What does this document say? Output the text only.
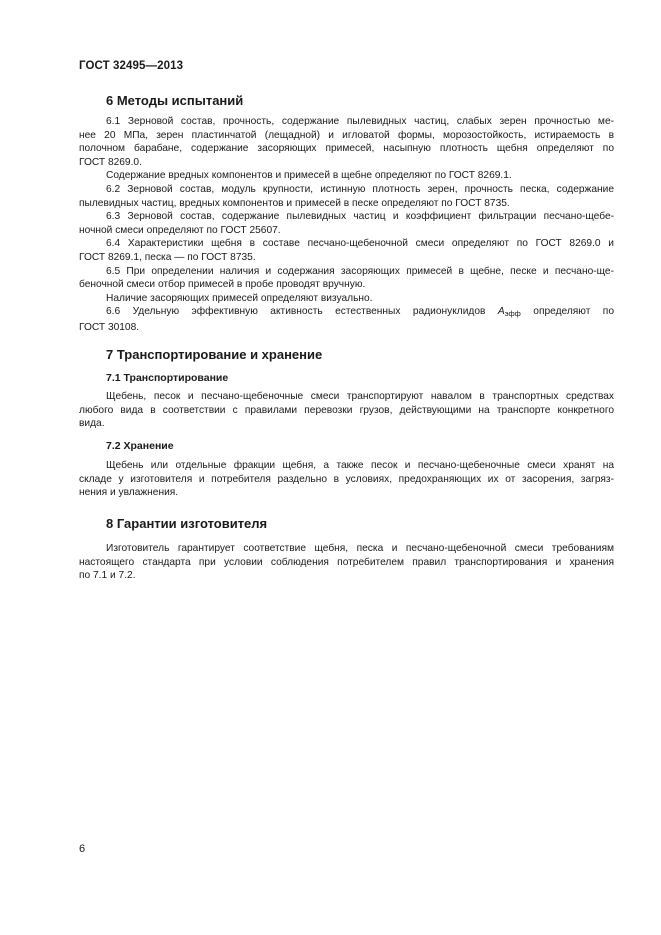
ГОСТ 32495—2013
6 Методы испытаний

6.1 Зерновой состав, прочность, содержание пылевидных частиц, слабых зерен прочностью ме-
нее 20 МПа, зерен пластинчатой (лещадной) и игловатой формы, морозостойкость, истираемость в
полочном барабане, содержание засоряющих примесей, насыпную плотность щебня определяют по
ГОСТ 8269.0.

Содержание вредных компонентов и примесей в щебне определяют по ГОСТ 8269.1.

6.2 Зерновой состав, модуль крупности, истинную плотность зерен, прочность песка, содержание
пылевидных частиц, вредных компонентов и примесей в песке определяют по ГОСТ 8735.

6.3 Зерновой состав, содержание пылевидных частиц и коэффициент фильтрации песчано-щебе-
ночной смеси определяют по ГОСТ 25607.

6.4 Характеристики щебня в составе песчано-щебеночной смеси определяют по ГОСТ 8269.0 и
ГОСТ 8269.1, песка — по ГОСТ 8735.

6.5 При определении наличия и содержания засоряющих примесей в щебне, песке и песчано-ще-
беночной смеси отбор примесей в пробе проводят вручную.

Наличие засоряющих примесей определяют визуально.

6.6 Удельную эффективную активность естественных радионуклидов $А_{эфф}$ определяют по
ГОСТ 30108.

7 Транспортирование и хранение
7.1 Транспортирование

Щебень, песок и песчано-щебеночные смеси транспортируют навалом в транспортных средствах
любого вида в соответствии с правилами перевозки грузов, действующими на транспорте конкретного
вида.

7.2 Хранение

Щебень или отдельные фракции щебня, а также песок и песчано-щебеночные смеси хранят на
складе у изготовителя и потребителя раздельно в условиях, предохраняющих их от засорения, загряз-
нения и увлажнения.

8 Гарантии изготовителя

Изготовитель гарантирует соответствие щебня, песка и песчано-щебеночной смеси требованиям
настоящего стандарта при условии соблюдения потребителем правил транспортирования и хранения
по 7.1 и 7.2.

6
